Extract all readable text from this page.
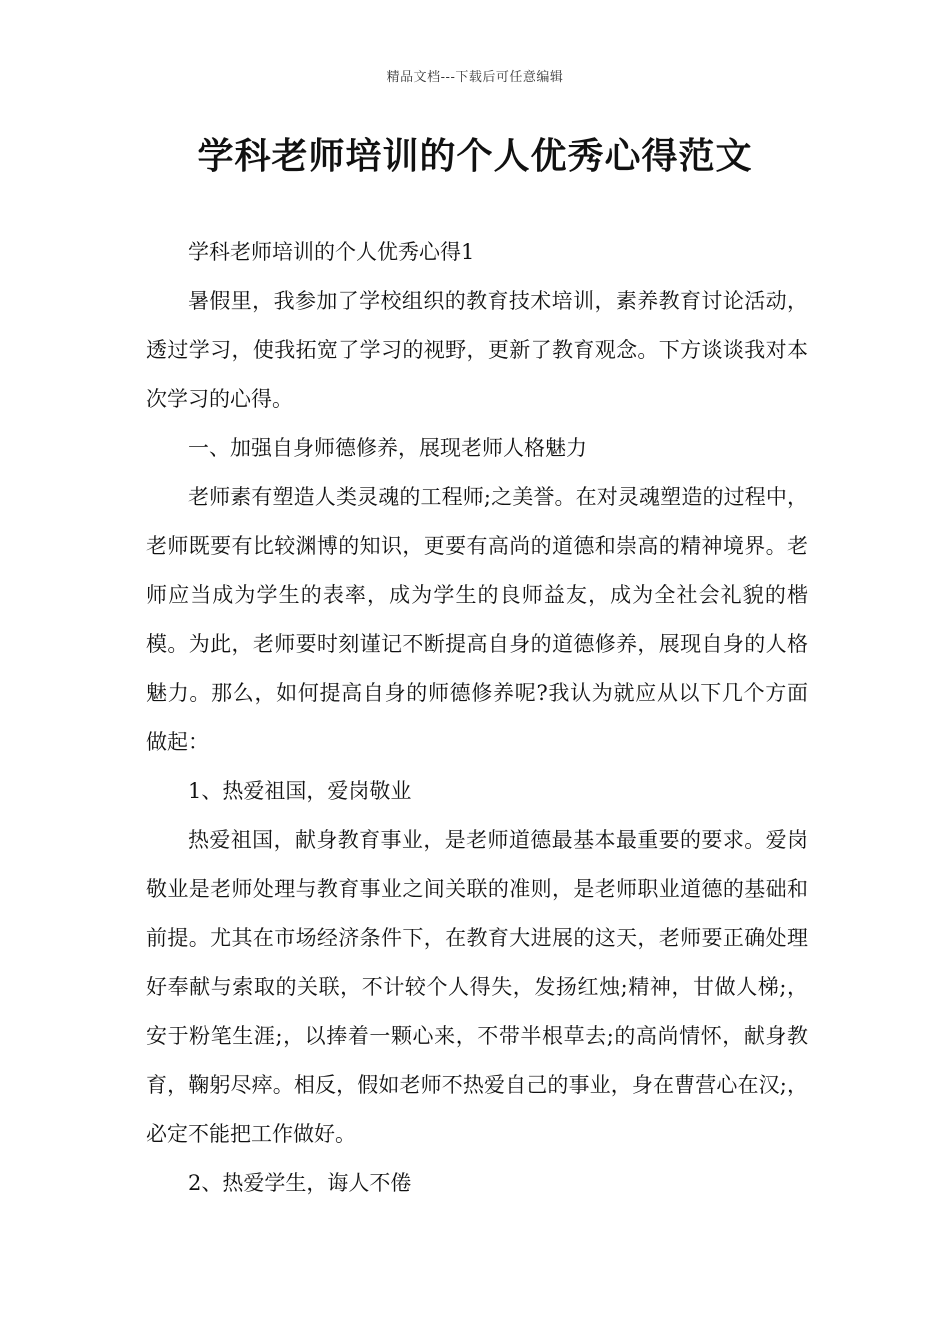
精品文档---下载后可任意编辑
学科老师培训的个人优秀心得范文

学科老师培训的个人优秀心得1

暑假里，我参加了学校组织的教育技术培训，素养教育讨论活动，透过学习，使我拓宽了学习的视野，更新了教育观念。下方谈谈我对本次学习的心得。

一、加强自身师德修养，展现老师人格魅力

老师素有塑造人类灵魂的工程师;之美誉。在对灵魂塑造的过程中，老师既要有比较渊博的知识，更要有高尚的道德和崇高的精神境界。老师应当成为学生的表率，成为学生的良师益友，成为全社会礼貌的楷模。为此，老师要时刻谨记不断提高自身的道德修养，展现自身的人格魅力。那么，如何提高自身的师德修养呢?我认为就应从以下几个方面做起：

1、热爱祖国，爱岗敬业

热爱祖国，献身教育事业，是老师道德最基本最重要的要求。爱岗敬业是老师处理与教育事业之间关联的准则，是老师职业道德的基础和前提。尤其在市场经济条件下，在教育大进展的这天，老师要正确处理好奉献与索取的关联，不计较个人得失，发扬红烛;精神，甘做人梯;，安于粉笔生涯;，以捧着一颗心来，不带半根草去;的高尚情怀，献身教育，鞠躬尽瘁。相反，假如老师不热爱自己的事业，身在曹营心在汉;，必定不能把工作做好。

2、热爱学生，诲人不倦
